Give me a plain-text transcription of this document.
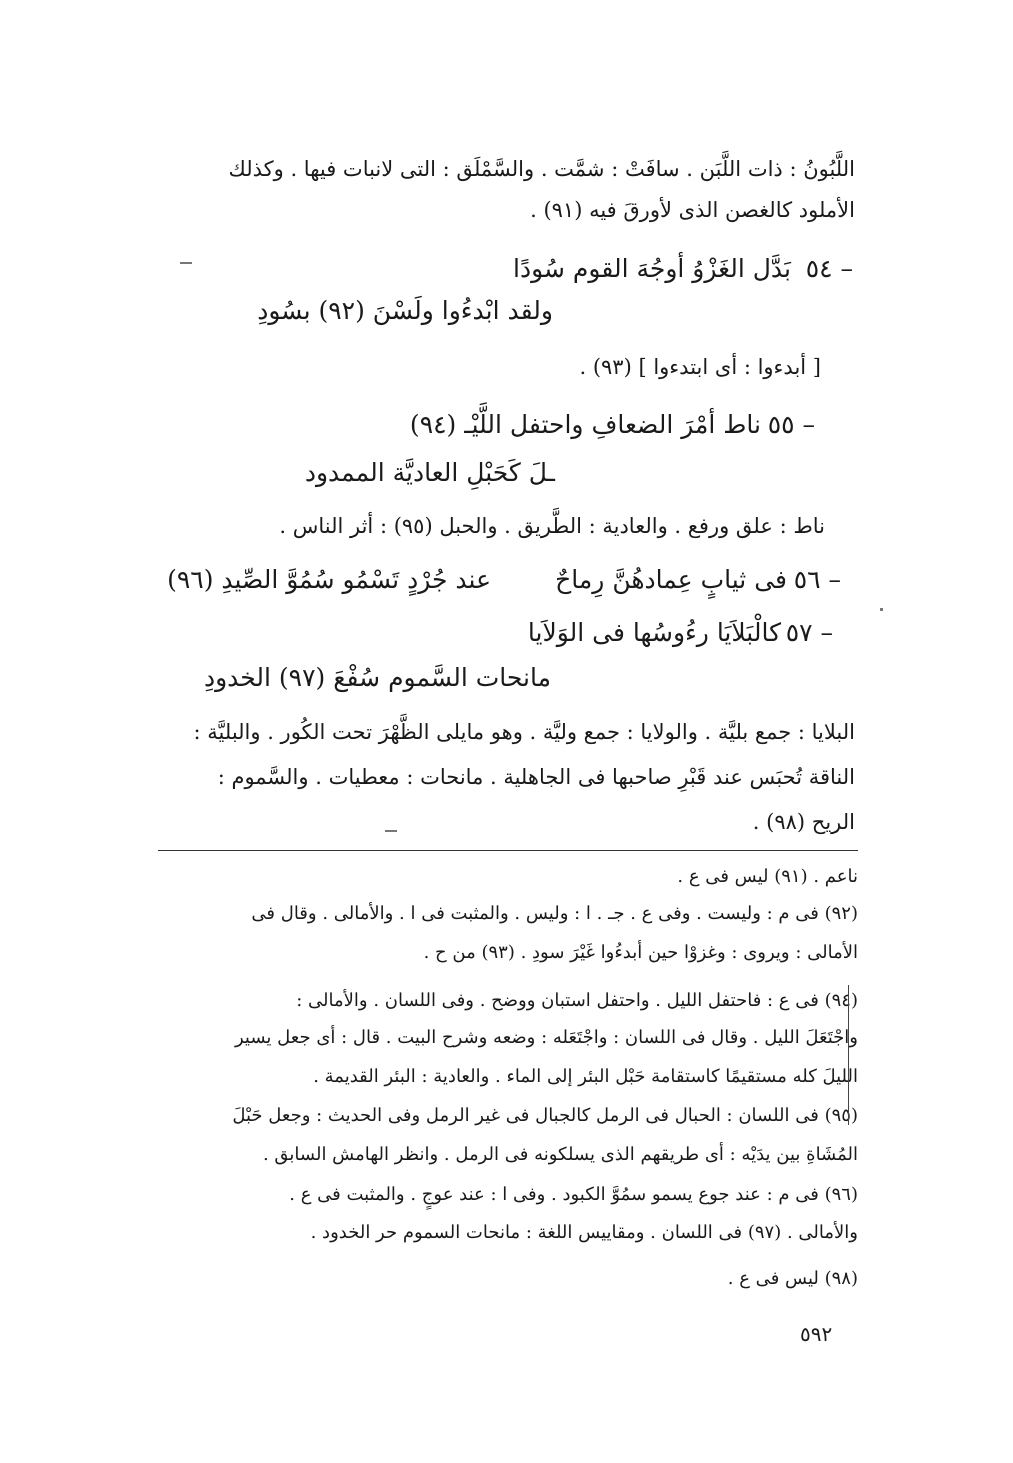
اللَّبُونُ : ذات اللَّبَن . سافَتْ : شمَّت . والسَّمْلَق : التى لانبات فيها . وكذلك
الأملود كالغصن الذى لأورقَ فيه (٩١) .
٥٤ –
بَدَّل الغَزْوُ أوجُهَ القوم سُودًا
ولقد ابْدءُوا ولَسْنَ (٩٢) بسُودِ
[ أبدءوا : أى ابتدءوا ] (٩٣) .
٥٥ –
ناط أمْرَ الضعافِ واحتفل اللَّيْـ (٩٤)
ـلَ كَحَبْلِ العاديَّة الممدود
ناط : علق ورفع . والعادية : الطَّريق . والحبل (٩٥) : أثر الناس .
٥٦ –
فى ثيابٍ عِمادهُنَّ رِماحٌ
عند جُرْدٍ تَسْمُو سُمُوَّ الصِّيدِ (٩٦)
٥٧ –
كالْبَلاَيَا رءُوسُها فى الوَلاَيا
مانحات السَّموم سُفْعَ (٩٧) الخدودِ
البلايا : جمع بليَّة . والولايا : جمع وليَّة . وهو مايلى الظَّهْرَ تحت الكُور . والبليَّة :
الناقة تُحبَس عند قَبْرِ صاحبها فى الجاهلية . مانحات : معطيات . والسَّموم :
الريح (٩٨) .
ناعم . (٩١) ليس فى ع .
(٩٢) فى م : وليست . وفى ع . جـ . ا : وليس . والمثبت فى ا . والأمالى . وقال فى
الأمالى : ويروى : وغزوْا حين أبدءُوا غَيْرَ سودِ . (٩٣) من ح .
(٩٤) فى ع : فاحتفل الليل . واحتفل استبان ووضح . وفى اللسان . والأمالى :
واجْتَعَلَ الليل . وقال فى اللسان : واجْتَعَله : وضعه وشرح البيت . قال : أى جعل يسير
الليلَ كله مستقيمًا كاستقامة حَبْل البئر إلى الماء . والعادية : البئر القديمة .
(٩٥) فى اللسان : الحبال فى الرمل كالجبال فى غير الرمل وفى الحديث : وجعل حَبْلَ
المُشَاةِ بين يدَيْه : أى طريقهم الذى يسلكونه فى الرمل . وانظر الهامش السابق .
(٩٦) فى م : عند جوع يسمو سمُوَّ الكبود . وفى ا : عند عوجٍ . والمثبت فى ع .
والأمالى . (٩٧) فى اللسان . ومقاييس اللغة : مانحات السموم حر الخدود .
(٩٨) ليس فى ع .
٥٩٢
